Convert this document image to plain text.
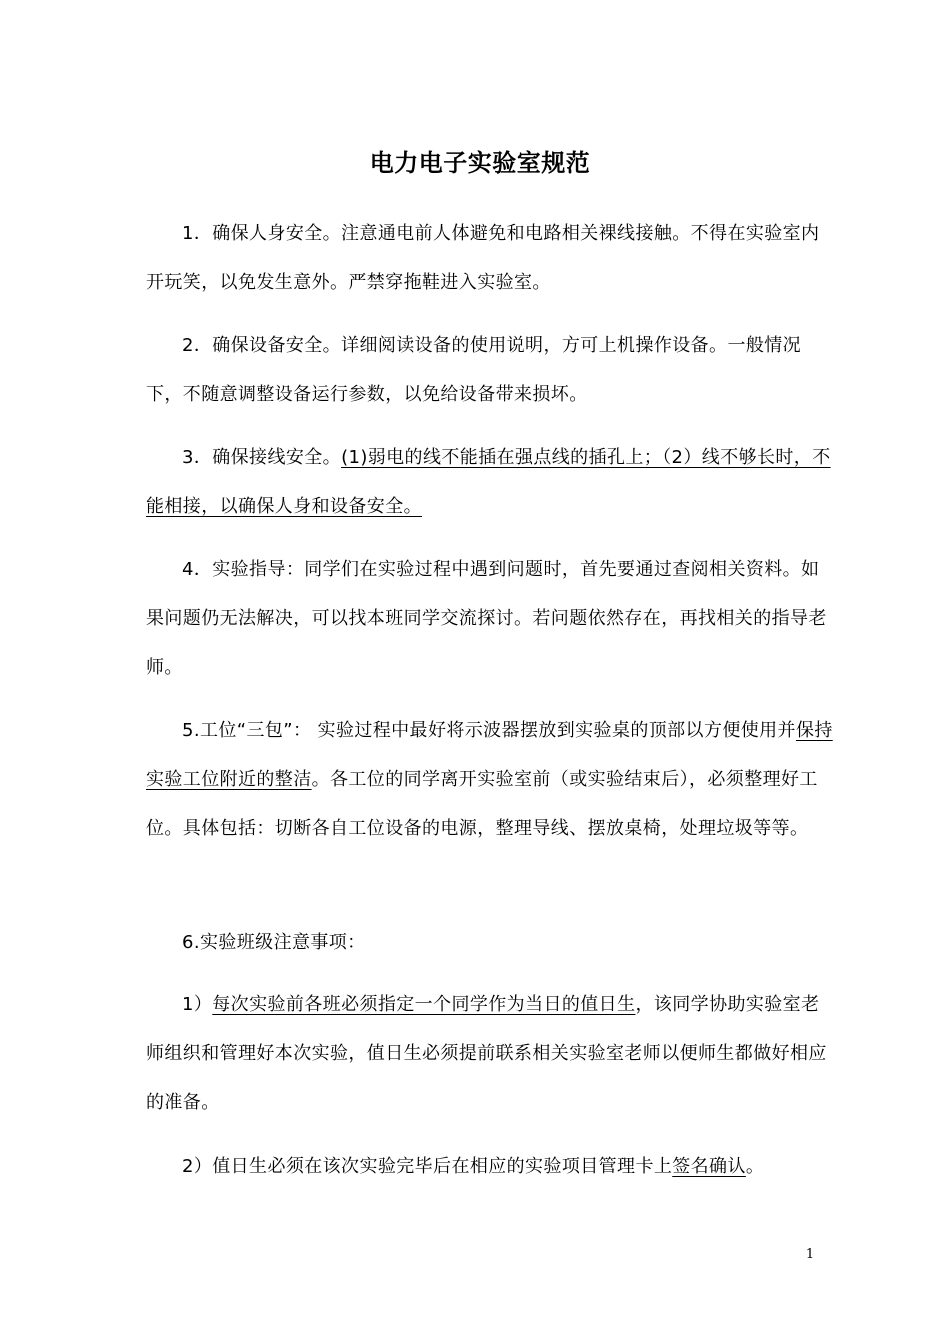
电力电子实验室规范

1．确保人身安全。注意通电前人体避免和电路相关裸线接触。不得在实验室内开玩笑，以免发生意外。严禁穿拖鞋进入实验室。

2．确保设备安全。详细阅读设备的使用说明，方可上机操作设备。一般情况下，不随意调整设备运行参数，以免给设备带来损坏。

3．确保接线安全。(1)弱电的线不能插在强点线的插孔上；（2）线不够长时，不能相接，以确保人身和设备安全。

4．实验指导：同学们在实验过程中遇到问题时，首先要通过查阅相关资料。如果问题仍无法解决，可以找本班同学交流探讨。若问题依然存在，再找相关的指导老师。

5.工位“三包”： 实验过程中最好将示波器摆放到实验桌的顶部以方便使用并保持实验工位附近的整洁。各工位的同学离开实验室前（或实验结束后），必须整理好工位。具体包括：切断各自工位设备的电源，整理导线、摆放桌椅，处理垃圾等等。

6.实验班级注意事项：

1）每次实验前各班必须指定一个同学作为当日的值日生，该同学协助实验室老师组织和管理好本次实验，值日生必须提前联系相关实验室老师以便师生都做好相应的准备。

2）值日生必须在该次实验完毕后在相应的实验项目管理卡上签名确认。

1
